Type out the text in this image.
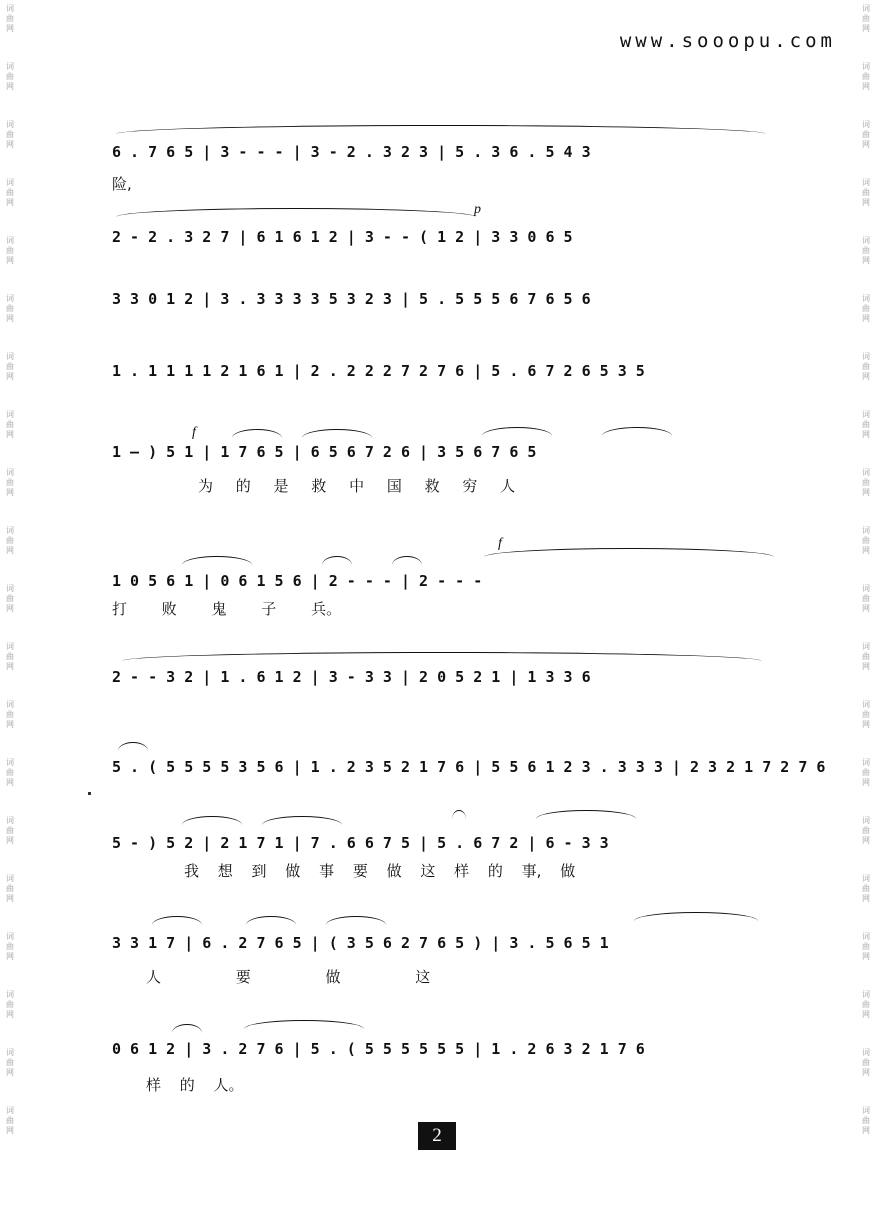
词
曲
网
词
曲
网
词
曲
网
词
曲
网
词
曲
网
词
曲
网
词
曲
网
词
曲
网
词
曲
网
词
曲
网
词
曲
网
词
曲
网
词
曲
网
词
曲
网
词
曲
网
词
曲
网
词
曲
网
词
曲
网
词
曲
网
词
曲
网
词
曲
网
词
曲
网
词
曲
网
词
曲
网
词
曲
网
词
曲
网
词
曲
网
词
曲
网
词
曲
网
词
曲
网
词
曲
网
词
曲
网
词
曲
网
词
曲
网
词
曲
网
词
曲
网
词
曲
网
词
曲
网
词
曲
网
词
曲
网
www.sooopu.com
6 . 7 6 5 | 3 - - - | 3 - 2 . 3 2 3 | 5 . 3 6 . 5 4 3
险,
p
2 - 2 . 3 2 7 | 6 1 6 1 2 | 3 - - ( 1 2 | 3 3 0 6 5
3 3 0 1 2 | 3 . 3 3 3 3 5 3 2 3 | 5 . 5 5 5 6 7 6 5 6
1 . 1 1 1 1 2 1 6 1 | 2 . 2 2 2 7 2 7 6 | 5 . 6 7 2 6 5 3 5
f
1 — ) 5 1 | 1 7 6 5 | 6 5 6 7 2 6 | 3 5 6 7 6 5
为 的 是 救 中 国 救 穷 人
f
1 0 5 6 1 | 0 6 1 5 6 | 2 - - - | 2 - - -
打 败 鬼 子 兵。
2 - - 3 2 | 1 . 6 1 2 | 3 - 3 3 | 2 0 5 2 1 | 1 3 3 6
5 . ( 5 5 5 5 3 5 6 | 1 . 2 3 5 2 1 7 6 | 5 5 6 1 2 3 . 3 3 3 | 2 3 2 1 7 2 7 6
5 - ) 5 2 | 2 1 7 1 | 7 . 6 6 7 5 | 5 . 6 7 2 | 6 - 3 3
我 想 到 做 事 要 做 这 样 的 事, 做
3 3 1 7 | 6 . 2 7 6 5 | ( 3 5 6 2 7 6 5 ) | 3 . 5 6 5 1
人 要 做 这
0 6 1 2 | 3 . 2 7 6 | 5 . ( 5 5 5 5 5 5 | 1 . 2 6 3 2 1 7 6
样 的 人。
2
